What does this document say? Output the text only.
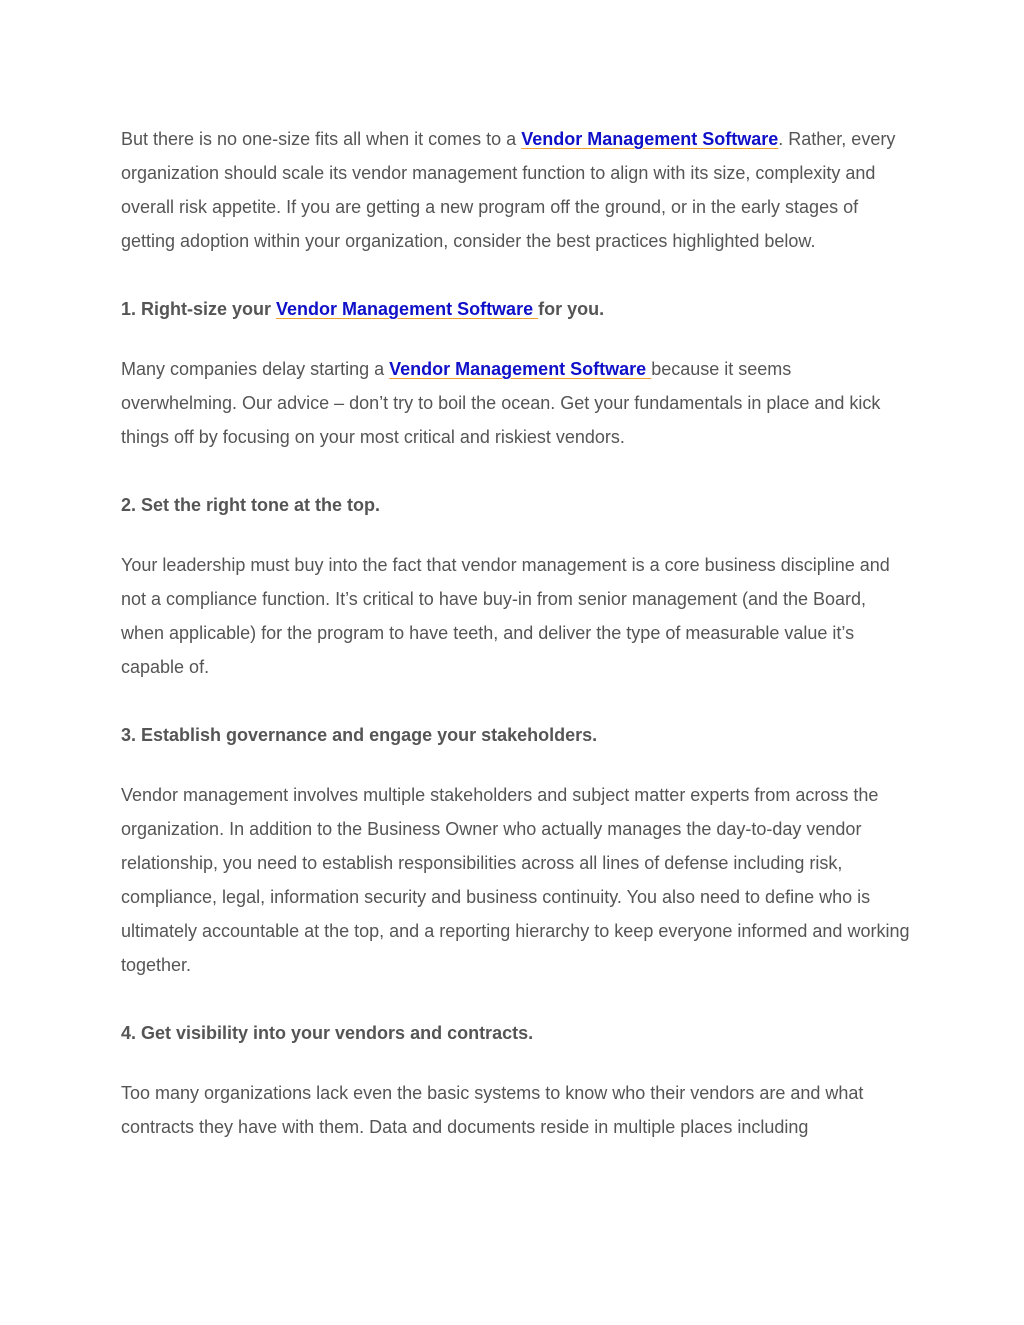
But there is no one-size fits all when it comes to a Vendor Management Software. Rather, every organization should scale its vendor management function to align with its size, complexity and overall risk appetite. If you are getting a new program off the ground, or in the early stages of getting adoption within your organization, consider the best practices highlighted below.

1. Right-size your Vendor Management Software for you.

Many companies delay starting a Vendor Management Software because it seems overwhelming. Our advice – don’t try to boil the ocean. Get your fundamentals in place and kick things off by focusing on your most critical and riskiest vendors.

2. Set the right tone at the top.

Your leadership must buy into the fact that vendor management is a core business discipline and not a compliance function. It’s critical to have buy-in from senior management (and the Board, when applicable) for the program to have teeth, and deliver the type of measurable value it’s capable of.

3. Establish governance and engage your stakeholders.

Vendor management involves multiple stakeholders and subject matter experts from across the organization. In addition to the Business Owner who actually manages the day-to-day vendor relationship, you need to establish responsibilities across all lines of defense including risk, compliance, legal, information security and business continuity. You also need to define who is ultimately accountable at the top, and a reporting hierarchy to keep everyone informed and working together.

4. Get visibility into your vendors and contracts.

Too many organizations lack even the basic systems to know who their vendors are and what contracts they have with them. Data and documents reside in multiple places including
